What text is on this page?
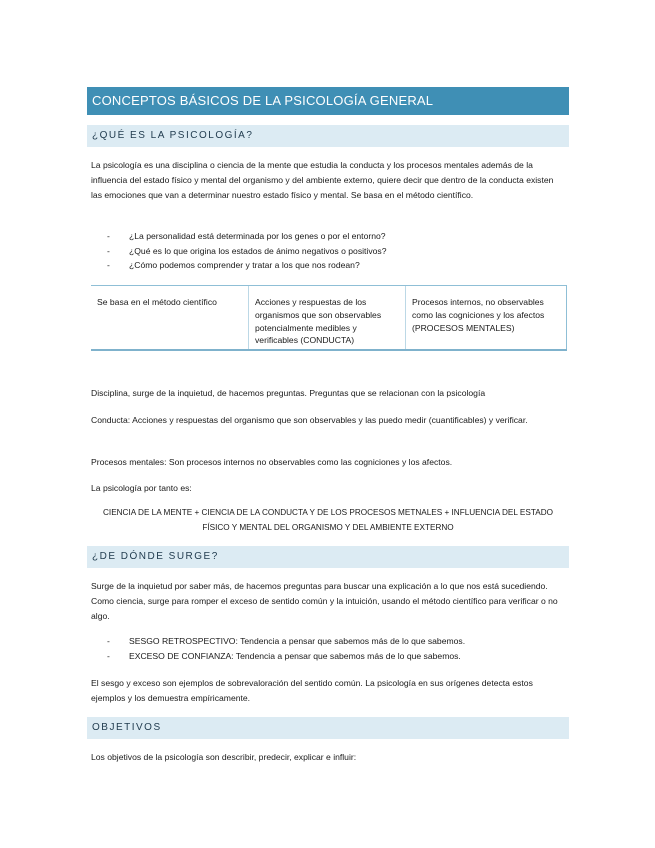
CONCEPTOS BÁSICOS DE LA PSICOLOGÍA GENERAL
¿QUÉ ES LA PSICOLOGÍA?

La psicología es una disciplina o ciencia de la mente que estudia la conducta y los procesos mentales además de la influencia del estado físico y mental del organismo y del ambiente externo, quiere decir que dentro de la conducta existen las emociones que van a determinar nuestro estado físico y mental. Se basa en el método científico.

- ¿La personalidad está determinada por los genes o por el entorno?
- ¿Qué es lo que origina los estados de ánimo negativos o positivos?
- ¿Cómo podemos comprender y tratar a los que nos rodean?
Se basa en el método científico	Acciones y respuestas de los organismos que son observables potencialmente medibles y verificables (CONDUCTA)
Procesos internos, no observables como las cogniciones y los afectos (PROCESOS MENTALES)

Disciplina, surge de la inquietud, de hacemos preguntas. Preguntas que se relacionan con la psicología

Conducta: Acciones y respuestas del organismo que son observables y las puedo medir (cuantificables) y verificar.

Procesos mentales: Son procesos internos no observables como las cogniciones y los afectos.

La psicología por tanto es:

CIENCIA DE LA MENTE + CIENCIA DE LA CONDUCTA Y DE LOS PROCESOS METNALES + INFLUENCIA DEL ESTADO FÍSICO Y MENTAL DEL ORGANISMO Y DEL AMBIENTE EXTERNO

¿DE DÓNDE SURGE?

Surge de la inquietud por saber más, de hacemos preguntas para buscar una explicación a lo que nos está sucediendo. Como ciencia, surge para romper el exceso de sentido común y la intuición, usando el método científico para verificar o no algo.

- SESGO RETROSPECTIVO: Tendencia a pensar que sabemos más de lo que sabemos.
- EXCESO DE CONFIANZA: Tendencia a pensar que sabemos más de lo que sabemos.

El sesgo y exceso son ejemplos de sobrevaloración del sentido común. La psicología en sus orígenes detecta estos ejemplos y los demuestra empíricamente.

OBJETIVOS

Los objetivos de la psicología son describir, predecir, explicar e influir:
